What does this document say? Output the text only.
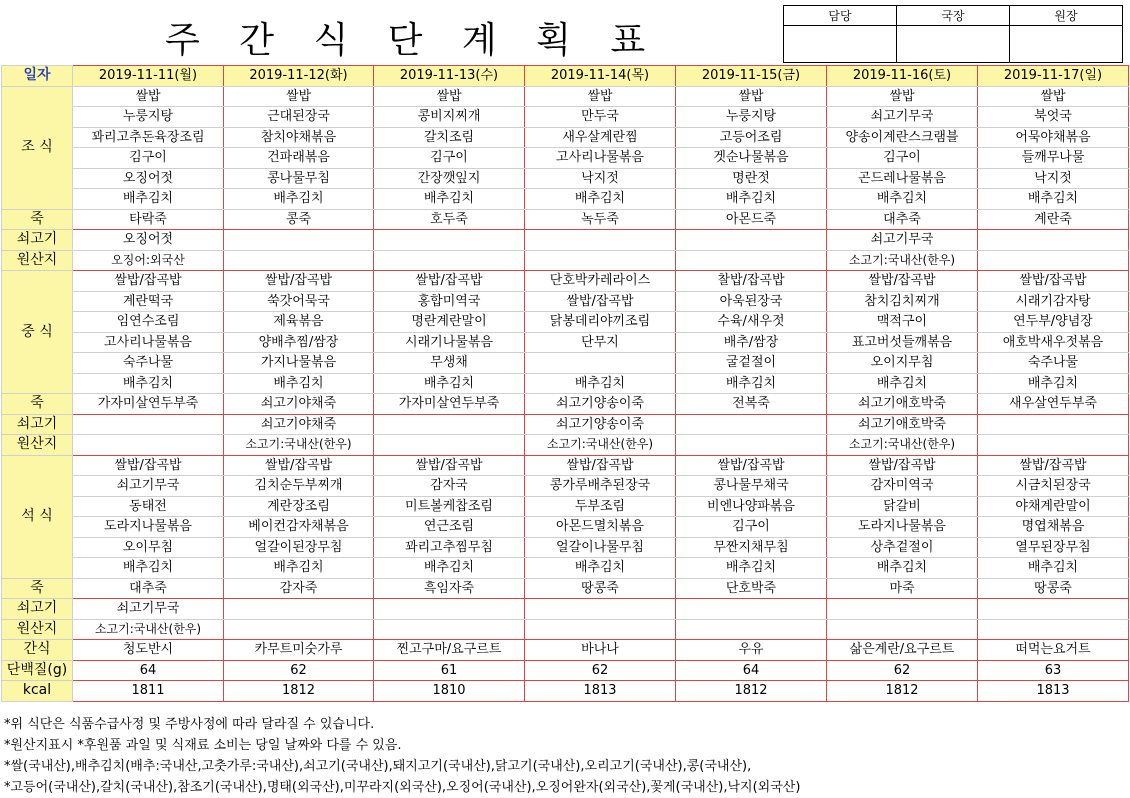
주 간 식 단 계 획 표
담당	국장	원장

일자	2019-11-11(월)	2019-11-12(화)	2019-11-13(수)	2019-11-14(목)	2019-11-15(금)	2019-11-16(토)	2019-11-17(일)
조 식	쌀밥	쌀밥	쌀밥	쌀밥	쌀밥	쌀밥	쌀밥
	누룽지탕	근대된장국	콩비지찌개	만두국	누룽지탕	쇠고기무국	북엇국
	꽈리고추돈육장조림	참치야채볶음	갈치조림	새우살계란찜	고등어조림	양송이계란스크램블	어묵야채볶음
	김구이	건파래볶음	김구이	고사리나물볶음	겟순나물볶음	김구이	들깨무나물
	오징어젓	콩나물무침	간장깻잎지	낙지젓	명란젓	곤드레나물볶음	낙지젓
	배추김치	배추김치	배추김치	배추김치	배추김치	배추김치	배추김치
죽	타락죽	콩죽	호두죽	녹두죽	아몬드죽	대추죽	계란죽
쇠고기	오징어젓					쇠고기무국	
원산지	오징어:외국산					소고기:국내산(한우)	
중 식	쌀밥/잡곡밥	쌀밥/잡곡밥	쌀밥/잡곡밥	단호박카레라이스	찰밥/잡곡밥	쌀밥/잡곡밥	쌀밥/잡곡밥
	계란떡국	쑥갓어묵국	홍합미역국	쌀밥/잡곡밥	아욱된장국	참치김치찌개	시래기감자탕
	임연수조림	제육볶음	명란계란말이	닭봉데리야끼조림	수육/새우젓	맥적구이	연두부/양념장
	고사리나물볶음	양배추찜/쌈장	시래기나물볶음	단무지	배추/쌈장	표고버섯들깨볶음	애호박새우젓볶음
	숙주나물	가지나물볶음	무생채		굴겉절이	오이지무침	숙주나물
	배추김치	배추김치	배추김치	배추김치	배추김치	배추김치	배추김치
죽	가자미살연두부죽	쇠고기야채죽	가자미살연두부죽	쇠고기양송이죽	전복죽	쇠고기애호박죽	새우살연두부죽
쇠고기		쇠고기야채죽		쇠고기양송이죽		쇠고기애호박죽	
원산지		소고기:국내산(한우)		소고기:국내산(한우)		소고기:국내산(한우)	
석 식	쌀밥/잡곡밥	쌀밥/잡곡밥	쌀밥/잡곡밥	쌀밥/잡곡밥	쌀밥/잡곡밥	쌀밥/잡곡밥	쌀밥/잡곡밥
	쇠고기무국	김치순두부찌개	감자국	콩가루배추된장국	콩나물무채국	감자미역국	시금치된장국
	동태전	계란장조림	미트볼케찹조림	두부조림	비엔나양파볶음	닭갈비	야채계란말이
	도라지나물볶음	베이컨감자채볶음	연근조림	아몬드멸치볶음	김구이	도라지나물볶음	명엽채볶음
	오이무침	얼갈이된장무침	꽈리고추찜무침	얼갈이나물무침	무짠지채무침	상추겉절이	열무된장무침
	배추김치	배추김치	배추김치	배추김치	배추김치	배추김치	배추김치
죽	대추죽	감자죽	흑임자죽	땅콩죽	단호박죽	마죽	땅콩죽
쇠고기	쇠고기무국						
원산지	소고기:국내산(한우)						
간식	청도반시	카무트미숫가루	찐고구마/요구르트	바나나	우유	삶은계란/요구르트	떠먹는요거트
단백질(g)	64	62	61	62	64	62	63
kcal	1811	1812	1810	1813	1812	1812	1813
*위 식단은 식품수급사정 및 주방사정에 따라 달라질 수 있습니다.
*원산지표시 *후원품 과일 및 식재료 소비는 당일 날짜와 다를 수 있음.
*쌀(국내산),배추김치(배추:국내산,고춧가루:국내산),쇠고기(국내산),돼지고기(국내산),닭고기(국내산),오리고기(국내산),콩(국내산),
*고등어(국내산),갈치(국내산),참조기(국내산),명태(외국산),미꾸라지(외국산),오징어(국내산),오징어완자(외국산),꽃게(국내산),낙지(외국산)
